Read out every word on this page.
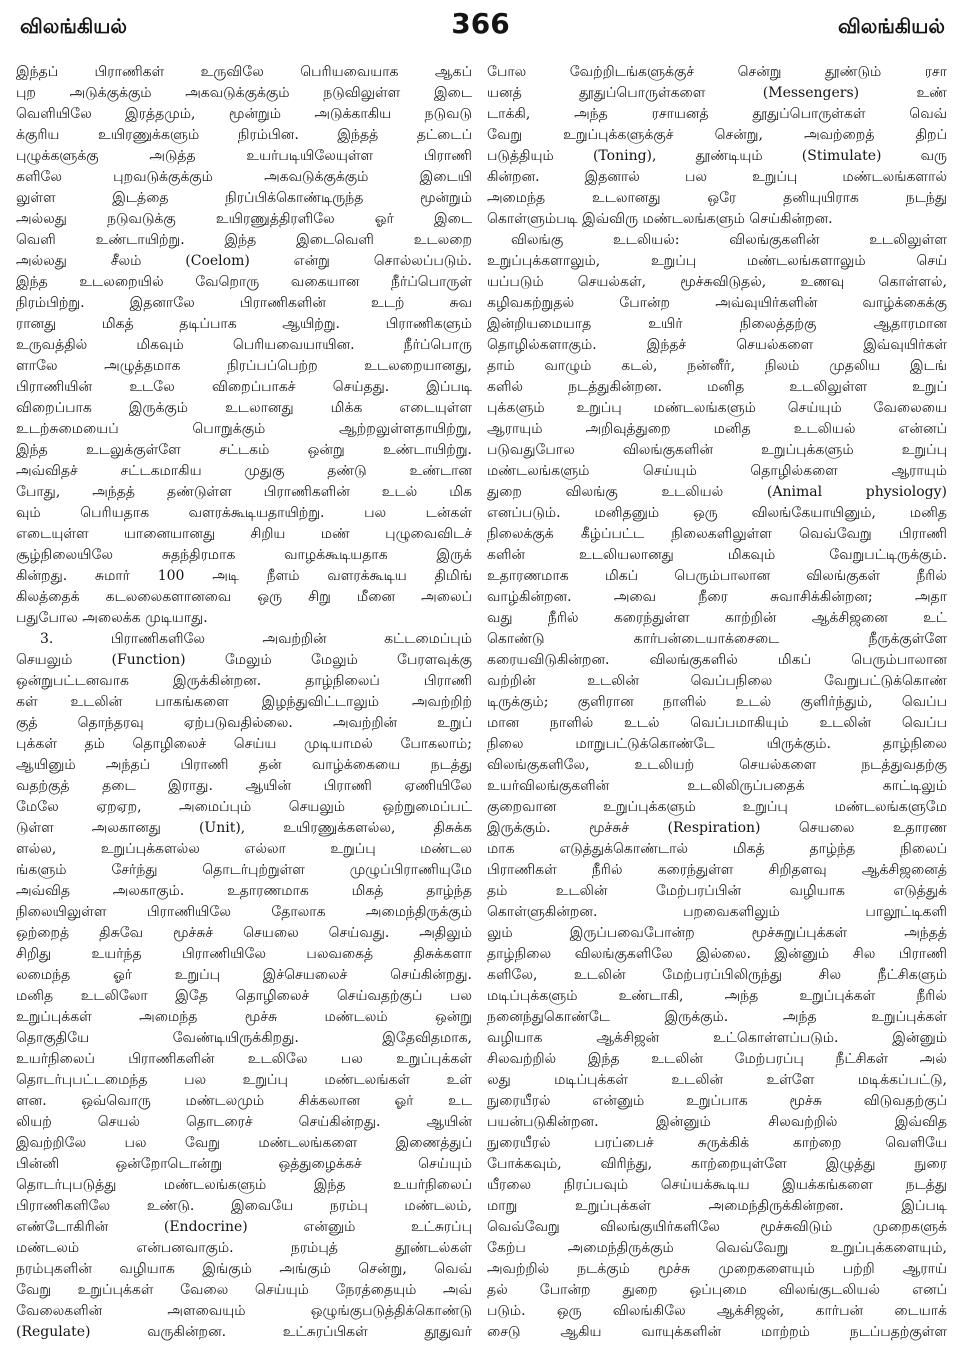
விலங்கியல்	366	விலங்கியல்
இந்தப் பிராணிகள் உருவிலே பெரியவையாக ஆகப்
புற அடுக்குக்கும் அகவடுக்குக்கும் நடுவிலுள்ள இடை
வெளியிலே இரத்தமும், மூன்றும் அடுக்காகிய நடுவடு
க்குரிய உயிரணுக்களும் நிரம்பின. இந்தத் தட்டைப்
புழுக்களுக்கு அடுத்த உயர்படியிலேயுள்ள பிராணி
களிலே புறவடுக்குக்கும் அகவடுக்குக்கும் இடையி
லுள்ள இடத்தை நிரப்பிக்கொண்டிருந்த மூன்றும்
அல்லது நடுவடுக்கு உயிரணுத்திரளிலே ஓர் இடை
வெளி உண்டாயிற்று. இந்த இடைவெளி உடலறை
அல்லது சீலம் (Coelom) என்று சொல்லப்படும்.
இந்த உடலறையில் வேறொரு வகையான நீர்ப்பொருள்
நிரம்பிற்று. இதனாலே பிராணிகளின் உடற் சுவ
ரானது மிகத் தடிப்பாக ஆயிற்று. பிராணிகளும்
உருவத்தில் மிகவும் பெரியவையாயின. நீர்ப்பொரு
ளாலே அழுத்தமாக நிரப்பப்பெற்ற உடலறையானது,
பிராணியின் உடலே விறைப்பாகச் செய்தது. இப்படி
விறைப்பாக இருக்கும் உடலானது மிக்க எடையுள்ள
உடற்சுமையைப் பொறுக்கும் ஆற்றலுள்ளதாயிற்று,
இந்த உடலுக்குள்ளே சட்டகம் ஒன்று உண்டாயிற்று.
அவ்விதச் சட்டகமாகிய முதுகு தண்டு உண்டான
போது, அந்தத் தண்டுள்ள பிராணிகளின் உடல் மிக
வும் பெரியதாக வளரக்கூடியதாயிற்று. பல டன்கள்
எடையுள்ள யானையானது சிறிய மண் புழுவைவிடச்
சூழ்நிலையிலே சுதந்திரமாக வாழக்கூடியதாக இருக்
கின்றது. சுமார் 100 அடி நீளம் வளரக்கூடிய திமிங்
கிலத்தைக் கடலலைகளானவை ஒரு சிறு மீனை அலைப்
பதுபோல அலைக்க முடியாது.
3. பிராணிகளிலே அவற்றின் கட்டமைப்பும்
செயலும் (Function) மேலும் மேலும் பேரளவுக்கு
ஒன்றுபட்டனவாக இருக்கின்றன. தாழ்நிலைப் பிராணி
கள் உடலின் பாகங்களை இழந்துவிட்டாலும் அவற்றிற்
குத் தொந்தரவு ஏற்படுவதில்லை. அவற்றின் உறுப்
புக்கள் தம் தொழிலைச் செய்ய முடியாமல் போகலாம்;
ஆயினும் அந்தப் பிராணி தன் வாழ்க்கையை நடத்து
வதற்குத் தடை இராது. ஆயின் பிராணி ஏணியிலே
மேலே ஏறஏற, அமைப்பும் செயலும் ஒற்றுமைப்பட்
டுள்ள அலகானது (Unit), உயிரணுக்களல்ல, திசுக்க
ளல்ல, உறுப்புக்களல்ல எல்லா உறுப்பு மண்டல
ங்களும் சேர்ந்து தொடர்புற்றுள்ள முழுப்பிராணியுமே
அவ்வித அலகாகும். உதாரணமாக மிகத் தாழ்ந்த
நிலையிலுள்ள பிராணியிலே தோலாக அமைந்திருக்கும்
ஒற்றைத் திசுவே மூச்சுச் செயலை செய்வது. அதிலும்
சிறிது உயர்ந்த பிராணியிலே பலவகைத் திசுக்களா
லமைந்த ஓர் உறுப்பு இச்செயலைச் செய்கின்றது.
மனித உடலிலோ இதே தொழிலைச் செய்வதற்குப் பல
உறுப்புக்கள் அமைந்த மூச்சு மண்டலம் ஒன்று
தொகுதியே வேண்டியிருக்கிறது. இதேவிதமாக,
உயர்நிலைப் பிராணிகளின் உடலிலே பல உறுப்புக்கள்
தொடர்புபட்டமைந்த பல உறுப்பு மண்டலங்கள் உள்
ளன. ஒவ்வொரு மண்டலமும் சிக்கலான ஓர் உட
லியற் செயல் தொடரைச் செய்கின்றது. ஆயின்
இவற்றிலே பல வேறு மண்டலங்களை இணைத்துப்
பின்னி ஒன்றோடொன்று ஒத்துழைக்கச் செய்யும்
தொடர்புபடுத்து மண்டலங்களும் இந்த உயர்நிலைப்
பிராணிகளிலே உண்டு. இவையே நரம்பு மண்டலம்,
எண்டோகிரின் (Endocrine) என்னும் உட்சுரப்பு
மண்டலம் என்பனவாகும். நரம்புத் தூண்டல்கள்
நரம்புகளின் வழியாக இங்கும் அங்கும் சென்று, வெவ்
வேறு உறுப்புக்கள் வேலை செய்யும் நேரத்தையும் அவ்
வேலைகளின் அளவையும் ஒழுங்குபடுத்திக்கொண்டு
(Regulate) வருகின்றன. உட்சுரப்பிகள் தூதுவர்
போல வேற்றிடங்களுக்குச் சென்று தூண்டும் ரசா
யனத் தூதுப்பொருள்களை (Messengers) உண்
டாக்கி, அந்த ரசாயனத் தூதுப்பொருள்கள் வெவ்
வேறு உறுப்புக்களுக்குச் சென்று, அவற்றைத் திறப்
படுத்தியும் (Toning), தூண்டியும் (Stimulate) வரு
கின்றன. இதனால் பல உறுப்பு மண்டலங்களால்
அமைந்த உடலானது ஒரே தனியுயிராக நடந்து
கொள்ளும்படி இவ்விரு மண்டலங்களும் செய்கின்றன.
விலங்கு உடலியல்: விலங்குகளின் உடலிலுள்ள
உறுப்புக்களாலும், உறுப்பு மண்டலங்களாலும் செய்
யப்படும் செயல்கள், மூச்சுவிடுதல், உணவு கொள்ளல்,
கழிவகற்றுதல் போன்ற அவ்வுயிர்களின் வாழ்க்கைக்கு
இன்றியமையாத உயிர் நிலைத்தற்கு ஆதாரமான
தொழில்களாகும். இந்தச் செயல்களை இவ்வுயிர்கள்
தாம் வாழும் கடல், நன்னீர், நிலம் முதலிய இடங்
களில் நடத்துகின்றன. மனித உடலிலுள்ள உறுப்
புக்களும் உறுப்பு மண்டலங்களும் செய்யும் வேலையை
ஆராயும் அறிவுத்துறை மனித உடலியல் என்னப்
படுவதுபோல விலங்குகளின் உறுப்புக்களும் உறுப்பு
மண்டலங்களும் செய்யும் தொழில்களை ஆராயும்
துறை விலங்கு உடலியல் (Animal physiology)
எனப்படும். மனிதனும் ஒரு விலங்கேயாயினும், மனித
நிலைக்குக் கீழ்ப்பட்ட நிலைகளிலுள்ள வெவ்வேறு பிராணி
களின் உடலியலானது மிகவும் வேறுபட்டிருக்கும்.
உதாரணமாக மிகப் பெரும்பாலான விலங்குகள் நீரில்
வாழ்கின்றன. அவை நீரை சுவாசிக்கின்றன; அதா
வது நீரில் கரைந்துள்ள காற்றின் ஆக்சிஜனை உட்
கொண்டு கார்பன்டையாக்சைடை நீருக்குள்ளே
கரையவிடுகின்றன. விலங்குகளில் மிகப் பெரும்பாலான
வற்றின் உடலின் வெப்பநிலை வேறுபட்டுக்கொண்
டிருக்கும்; குளிரான நாளில் உடல் குளிர்ந்தும், வெப்ப
மான நாளில் உடல் வெப்பமாகியும் உடலின் வெப்ப
நிலை மாறுபட்டுக்கொண்டே யிருக்கும். தாழ்நிலை
விலங்குகளிலே, உடலியற் செயல்களை நடத்துவதற்கு
உயர்விலங்குகளின் உடலிலிருப்பதைக் காட்டிலும்
குறைவான உறுப்புக்களும் உறுப்பு மண்டலங்களுமே
இருக்கும். மூச்சுச் (Respiration) செயலை உதாரண
மாக எடுத்துக்கொண்டால் மிகத் தாழ்ந்த நிலைப்
பிராணிகள் நீரில் கரைந்துள்ள சிறிதளவு ஆக்சிஜனைத்
தம் உடலின் மேற்பரப்பின் வழியாக எடுத்துக்
கொள்ளுகின்றன. பறவைகளிலும் பாலூட்டிகளி
லும் இருப்பவைபோன்ற மூச்சுறுப்புக்கள் அந்தத்
தாழ்நிலை விலங்குகளிலே இல்லை. இன்னும் சில பிராணி
களிலே, உடலின் மேற்பரப்பிலிருந்து சில நீட்சிகளும்
மடிப்புக்களும் உண்டாகி, அந்த உறுப்புக்கள் நீரில்
நனைந்துகொண்டே இருக்கும். அந்த உறுப்புக்கள்
வழியாக ஆக்சிஜன் உட்கொள்ளப்படும். இன்னும்
சிலவற்றில் இந்த உடலின் மேற்பரப்பு நீட்சிகள் அல்
லது மடிப்புக்கள் உடலின் உள்ளே மடிக்கப்பட்டு,
நுரையீரல் என்னும் உறுப்பாக மூச்சு விடுவதற்குப்
பயன்படுகின்றன. இன்னும் சிலவற்றில் இவ்வித
நுரையீரல் பரப்பைச் சுருக்கிக் காற்றை வெளியே
போக்கவும், விரிந்து, காற்றையுள்ளே இழுத்து நுரை
யீரலை நிரப்பவும் செய்யக்கூடிய இயக்கங்களை நடத்து
மாறு உறுப்புக்கள் அமைந்திருக்கின்றன. இப்படி
வெவ்வேறு விலங்குயிர்களிலே மூச்சுவிடும் முறைகளுக்
கேற்ப அமைந்திருக்கும் வெவ்வேறு உறுப்புக்களையும்,
அவற்றில் நடக்கும் மூச்சு முறைகளையும் பற்றி ஆராய்
தல் போன்ற துறை ஒப்புமை விலங்குடலியல் எனப்
படும். ஒரு விலங்கிலே ஆக்சிஜன், கார்பன் டையாக்
சைடு ஆகிய வாயுக்களின் மாற்றம் நடப்பதற்குள்ள
